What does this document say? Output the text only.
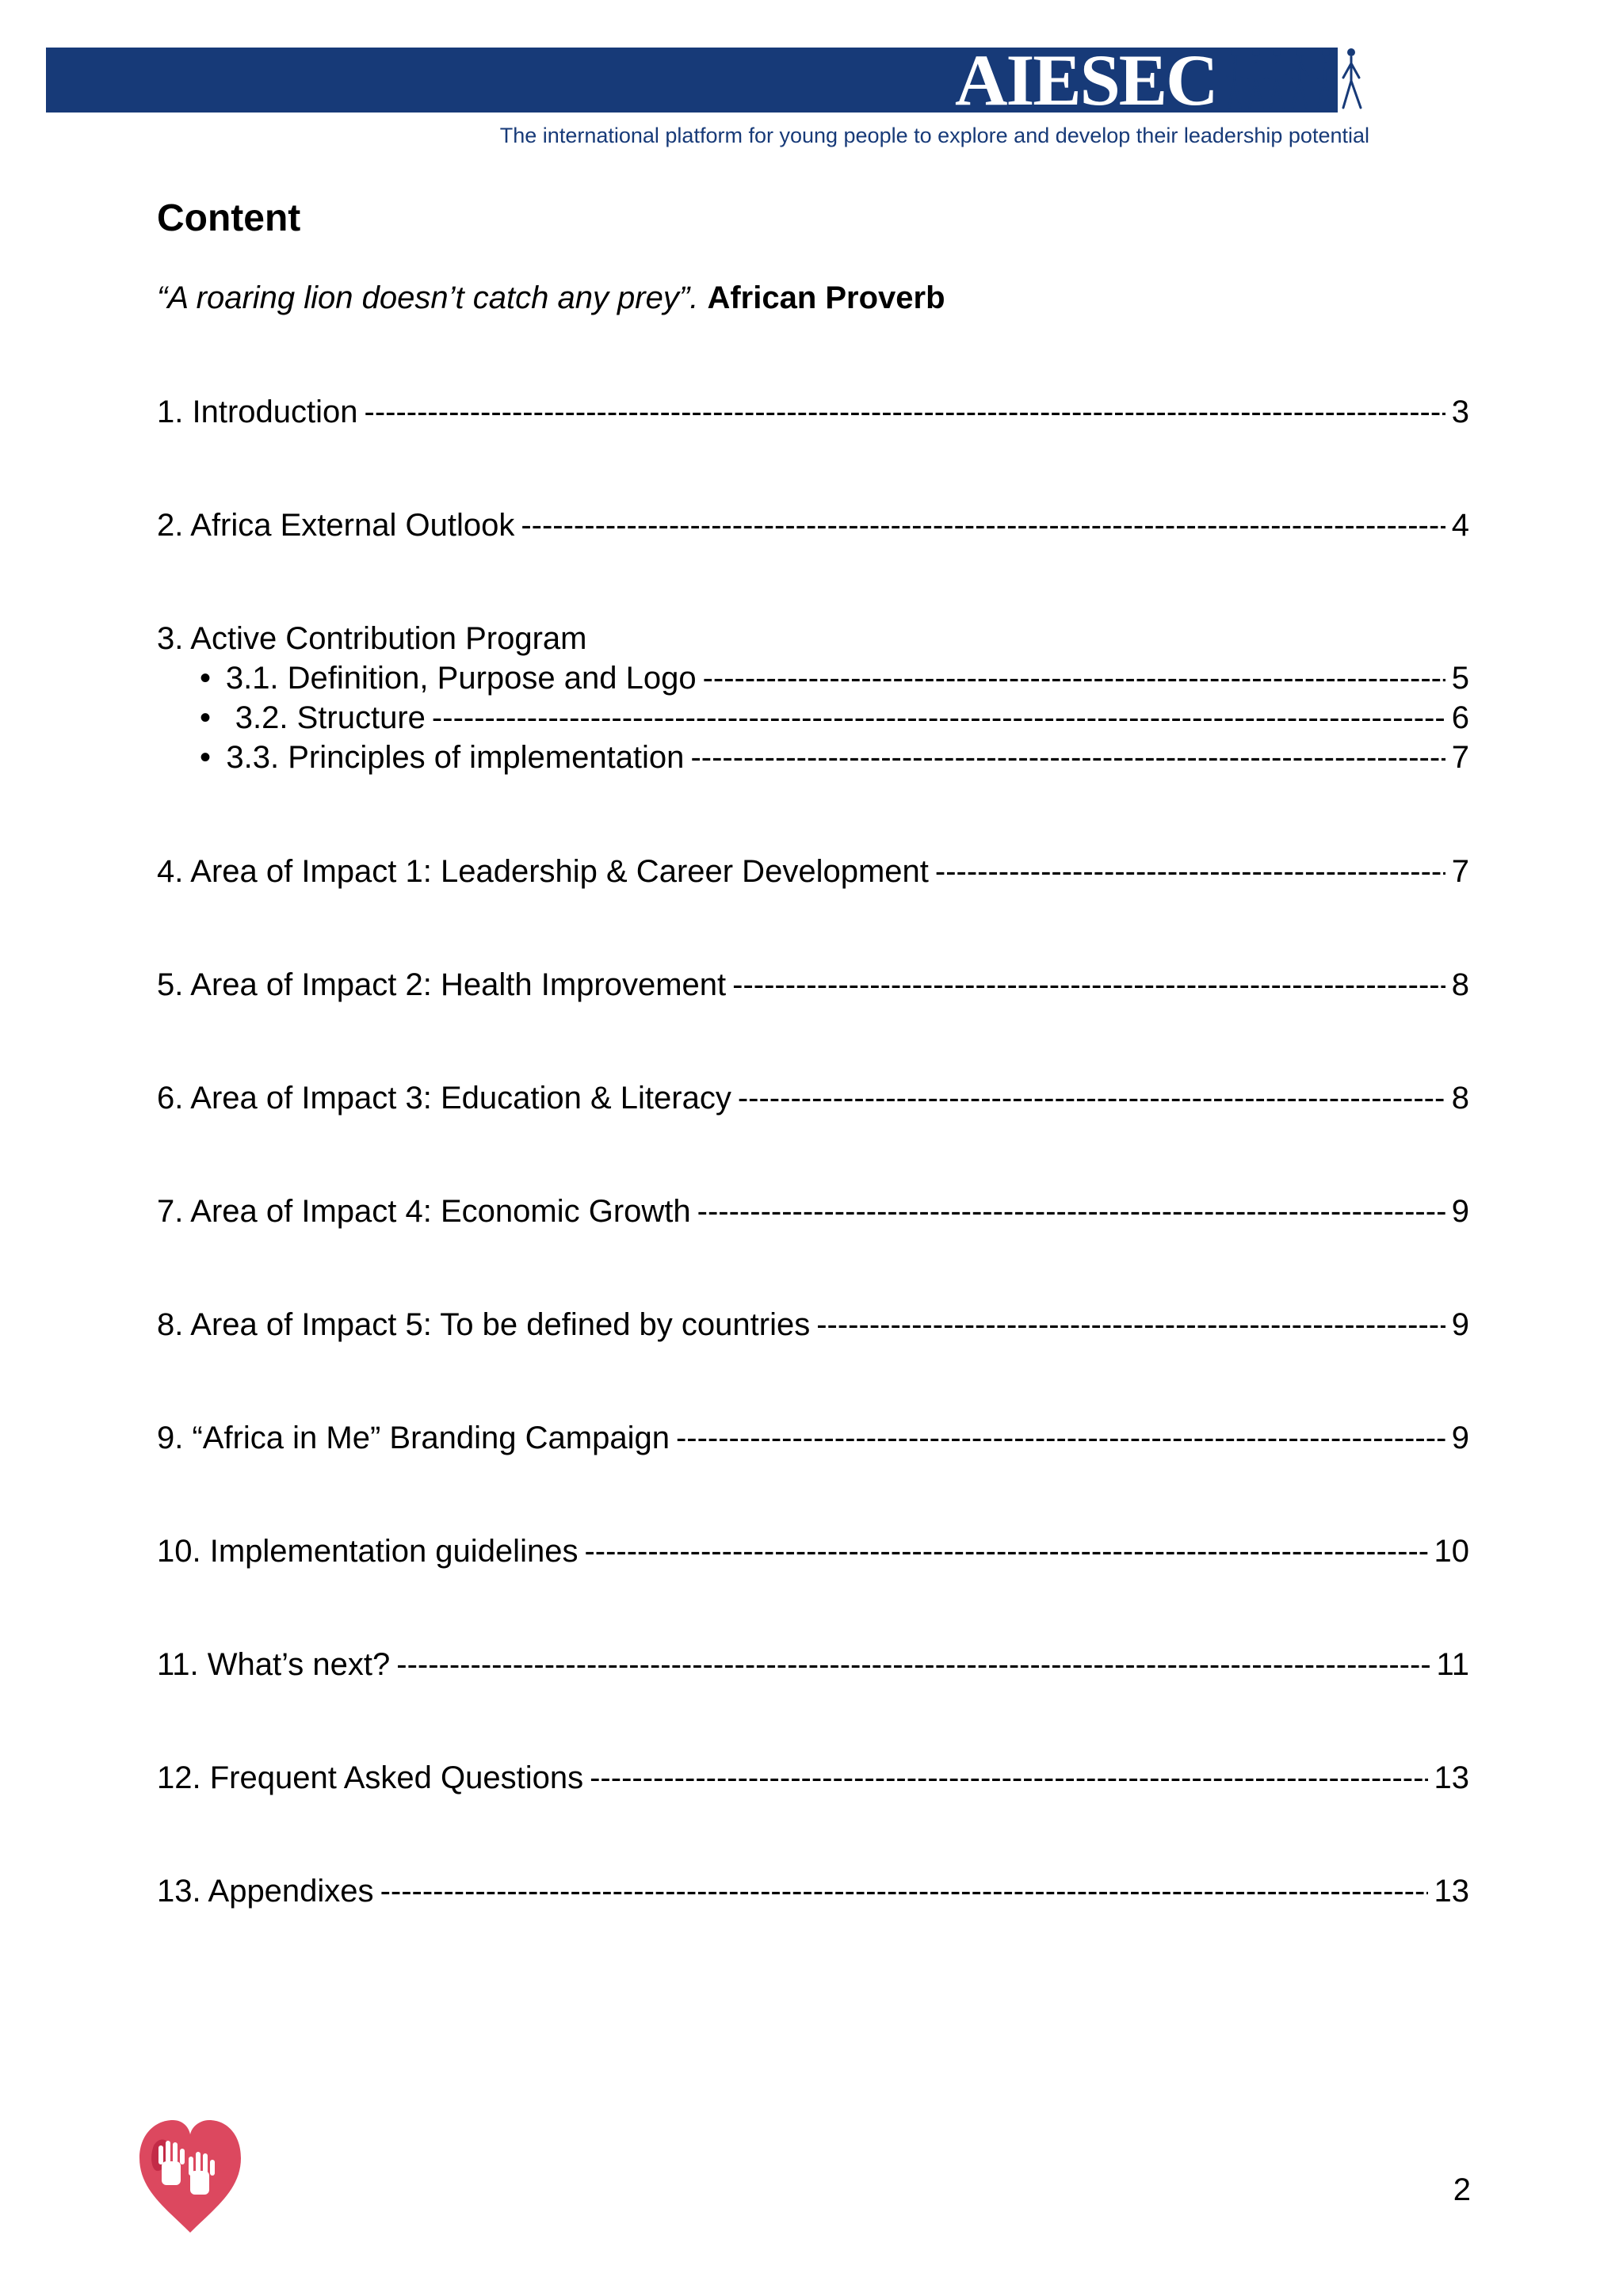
AIESEC
The international platform for young people to explore and develop their leadership potential
Content
“A roaring lion doesn’t catch any prey”. African Proverb
1. Introduction -----	3
2. Africa External Outlook -----	4
3. Active Contribution Program
• 3.1. Definition, Purpose and Logo -----	5
• 3.2. Structure -----	6
• 3.3. Principles of implementation -----	7
4. Area of Impact 1: Leadership & Career Development -----	7
5. Area of Impact 2: Health Improvement -----	8
6. Area of Impact 3: Education & Literacy -----	8
7. Area of Impact 4: Economic Growth -----	9
8. Area of Impact 5: To be defined by countries -----	9
9. “Africa in Me” Branding Campaign -----	9
10. Implementation guidelines -----	10
11. What’s next? -----	11
12. Frequent Asked Questions -----	13
13. Appendixes -----	13
2
